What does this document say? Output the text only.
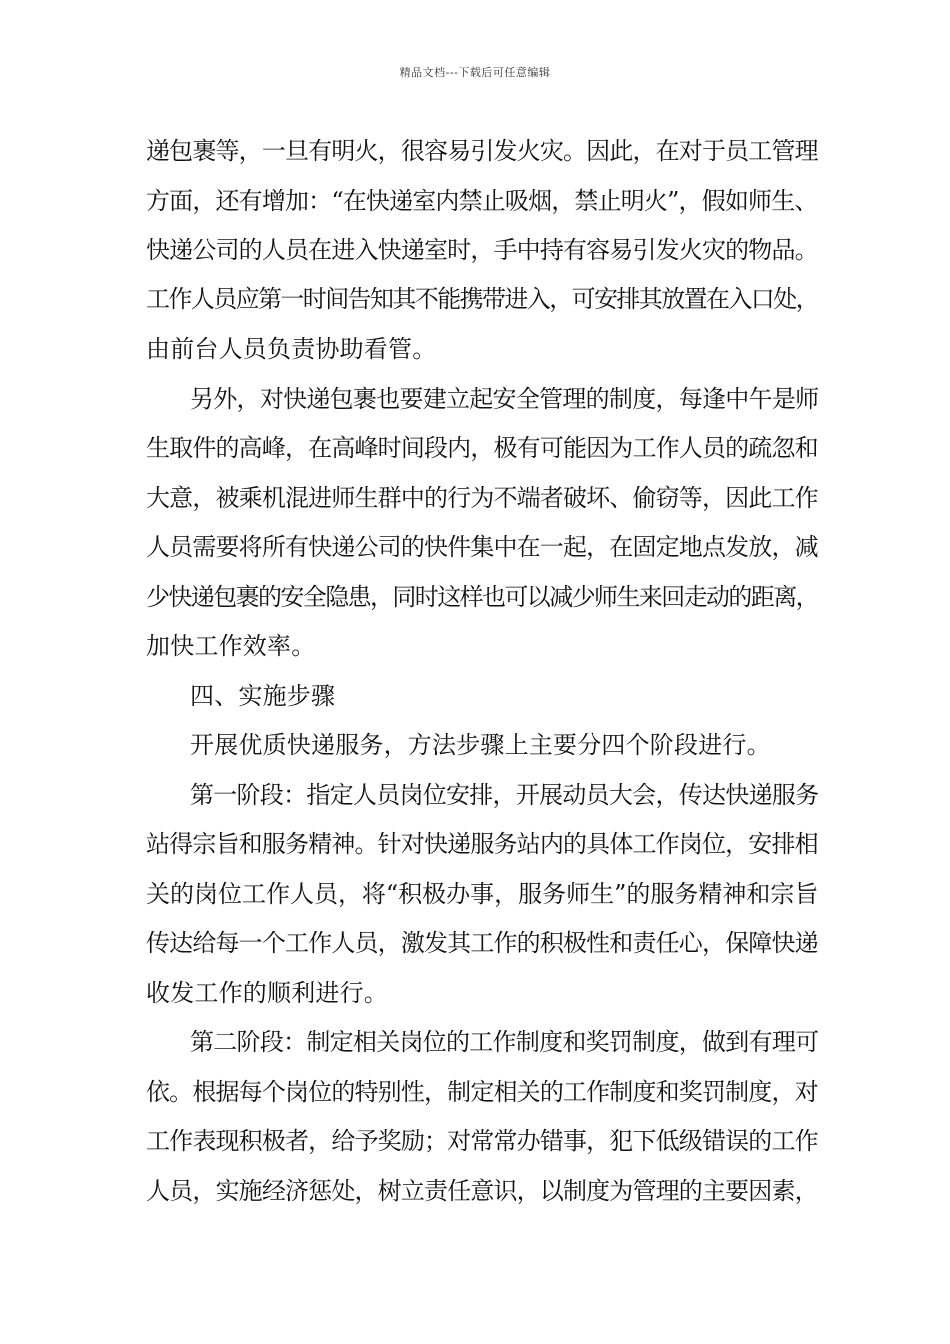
精品文档---下载后可任意编辑
递包裹等，一旦有明火，很容易引发火灾。因此，在对于员工管理
方面，还有增加：“在快递室内禁止吸烟，禁止明火”，假如师生、
快递公司的人员在进入快递室时，手中持有容易引发火灾的物品。
工作人员应第一时间告知其不能携带进入，可安排其放置在入口处，
由前台人员负责协助看管。
另外，对快递包裹也要建立起安全管理的制度，每逢中午是师
生取件的高峰，在高峰时间段内，极有可能因为工作人员的疏忽和
大意，被乘机混进师生群中的行为不端者破坏、偷窃等，因此工作
人员需要将所有快递公司的快件集中在一起，在固定地点发放，减
少快递包裹的安全隐患，同时这样也可以减少师生来回走动的距离，
加快工作效率。
四、实施步骤
开展优质快递服务，方法步骤上主要分四个阶段进行。
第一阶段：指定人员岗位安排，开展动员大会，传达快递服务
站得宗旨和服务精神。针对快递服务站内的具体工作岗位，安排相
关的岗位工作人员，将“积极办事，服务师生”的服务精神和宗旨
传达给每一个工作人员，激发其工作的积极性和责任心，保障快递
收发工作的顺利进行。
第二阶段：制定相关岗位的工作制度和奖罚制度，做到有理可
依。根据每个岗位的特别性，制定相关的工作制度和奖罚制度，对
工作表现积极者，给予奖励；对常常办错事，犯下低级错误的工作
人员，实施经济惩处，树立责任意识，以制度为管理的主要因素，
